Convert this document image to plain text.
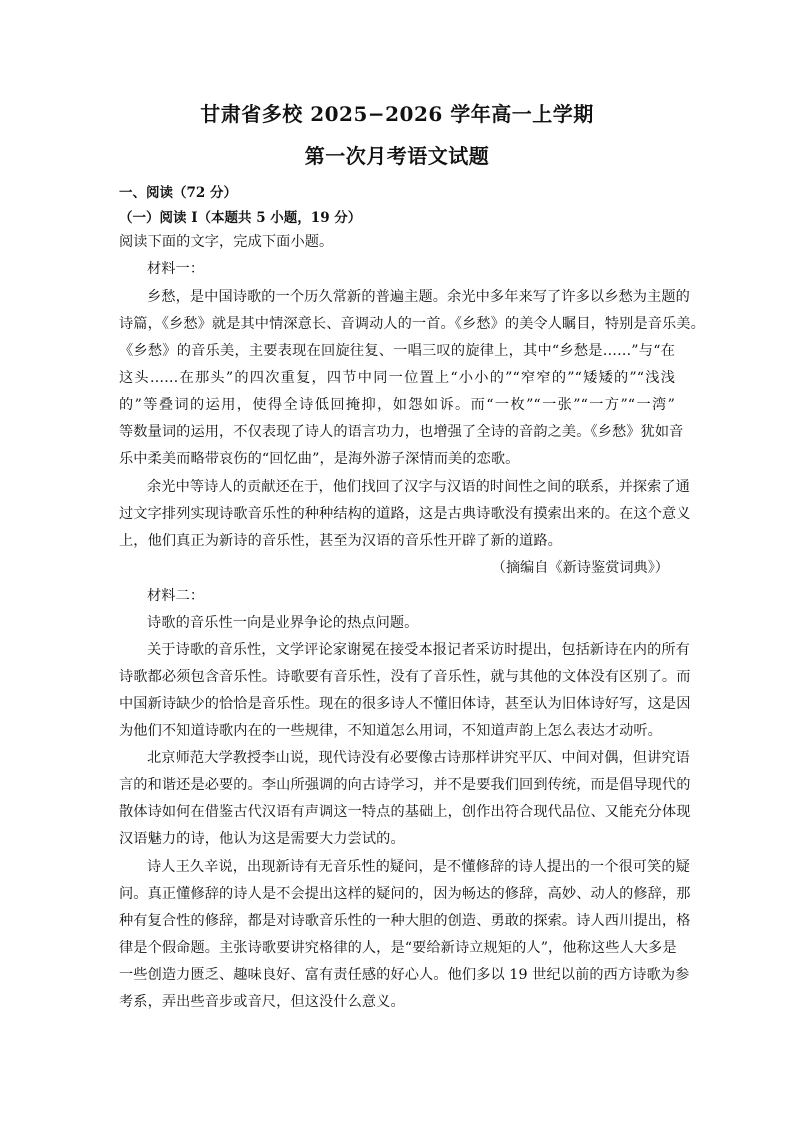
甘肃省多校 2025−2026 学年高一上学期
第一次月考语文试题
一、阅读（72 分）
（一）阅读 I（本题共 5 小题，19 分）
阅读下面的文字，完成下面小题。
材料一：
乡愁，是中国诗歌的一个历久常新的普遍主题。余光中多年来写了许多以乡愁为主题的
诗篇，《乡愁》就是其中情深意长、音调动人的一首。《乡愁》的美令人瞩目，特别是音乐美。
《乡愁》的音乐美，主要表现在回旋往复、一唱三叹的旋律上，其中“乡愁是……”与“在
这头……在那头”的四次重复，四节中同一位置上“小小的”“窄窄的”“矮矮的”“浅浅
的”等叠词的运用，使得全诗低回掩抑，如怨如诉。而“一枚”“一张”“一方”“一湾”
等数量词的运用，不仅表现了诗人的语言功力，也增强了全诗的音韵之美。《乡愁》犹如音
乐中柔美而略带哀伤的“回忆曲”，是海外游子深情而美的恋歌。
余光中等诗人的贡献还在于，他们找回了汉字与汉语的时间性之间的联系，并探索了通
过文字排列实现诗歌音乐性的种种结构的道路，这是古典诗歌没有摸索出来的。在这个意义
上，他们真正为新诗的音乐性，甚至为汉语的音乐性开辟了新的道路。
（摘编自《新诗鉴赏词典》）
材料二：
诗歌的音乐性一向是业界争论的热点问题。
关于诗歌的音乐性，文学评论家谢冕在接受本报记者采访时提出，包括新诗在内的所有
诗歌都必须包含音乐性。诗歌要有音乐性，没有了音乐性，就与其他的文体没有区别了。而
中国新诗缺少的恰恰是音乐性。现在的很多诗人不懂旧体诗，甚至认为旧体诗好写，这是因
为他们不知道诗歌内在的一些规律，不知道怎么用词，不知道声韵上怎么表达才动听。
北京师范大学教授李山说，现代诗没有必要像古诗那样讲究平仄、中间对偶，但讲究语
言的和谐还是必要的。李山所强调的向古诗学习，并不是要我们回到传统，而是倡导现代的
散体诗如何在借鉴古代汉语有声调这一特点的基础上，创作出符合现代品位、又能充分体现
汉语魅力的诗，他认为这是需要大力尝试的。
诗人王久辛说，出现新诗有无音乐性的疑问，是不懂修辞的诗人提出的一个很可笑的疑
问。真正懂修辞的诗人是不会提出这样的疑问的，因为畅达的修辞，高妙、动人的修辞，那
种有复合性的修辞，都是对诗歌音乐性的一种大胆的创造、勇敢的探索。诗人西川提出，格
律是个假命题。主张诗歌要讲究格律的人，是“要给新诗立规矩的人”，他称这些人大多是
一些创造力匮乏、趣味良好、富有责任感的好心人。他们多以 19 世纪以前的西方诗歌为参
考系，弄出些音步或音尺，但这没什么意义。
